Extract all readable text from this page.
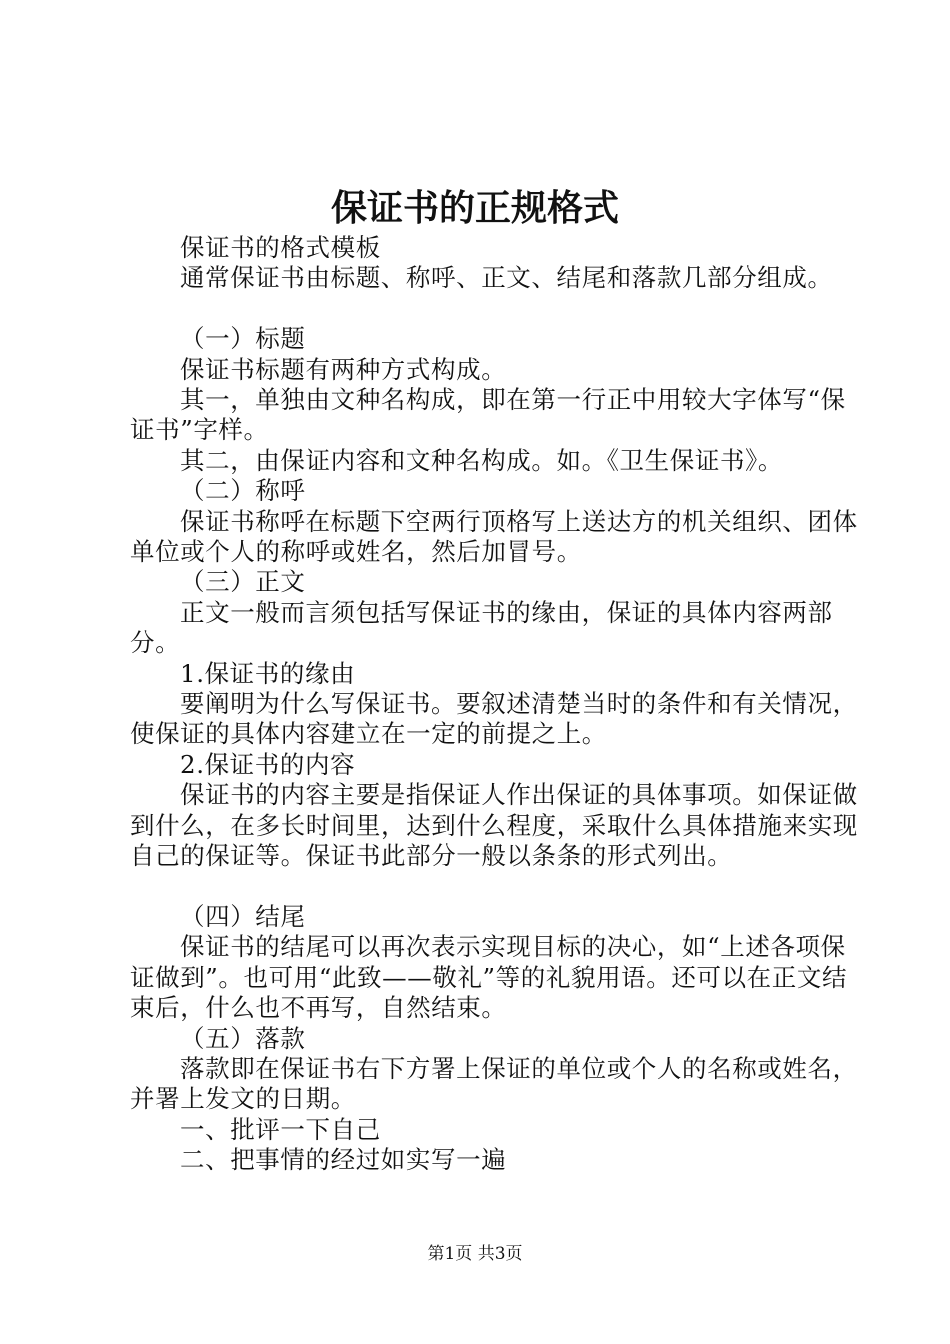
保证书的正规格式

保证书的格式模板

通常保证书由标题、称呼、正文、结尾和落款几部分组成。

（一）标题

保证书标题有两种方式构成。

其一，单独由文种名构成，即在第一行正中用较大字体写“保证书”字样。

其二，由保证内容和文种名构成。如。《卫生保证书》。

（二）称呼

保证书称呼在标题下空两行顶格写上送达方的机关组织、团体单位或个人的称呼或姓名，然后加冒号。

（三）正文

正文一般而言须包括写保证书的缘由，保证的具体内容两部分。

1.保证书的缘由

要阐明为什么写保证书。要叙述清楚当时的条件和有关情况，使保证的具体内容建立在一定的前提之上。

2.保证书的内容

保证书的内容主要是指保证人作出保证的具体事项。如保证做到什么，在多长时间里，达到什么程度，采取什么具体措施来实现自己的保证等。保证书此部分一般以条条的形式列出。

（四）结尾

保证书的结尾可以再次表示实现目标的决心，如“上述各项保证做到”。也可用“此致——敬礼”等的礼貌用语。还可以在正文结束后，什么也不再写，自然结束。

（五）落款

落款即在保证书右下方署上保证的单位或个人的名称或姓名，并署上发文的日期。

一、批评一下自己

二、把事情的经过如实写一遍

第1页 共3页
